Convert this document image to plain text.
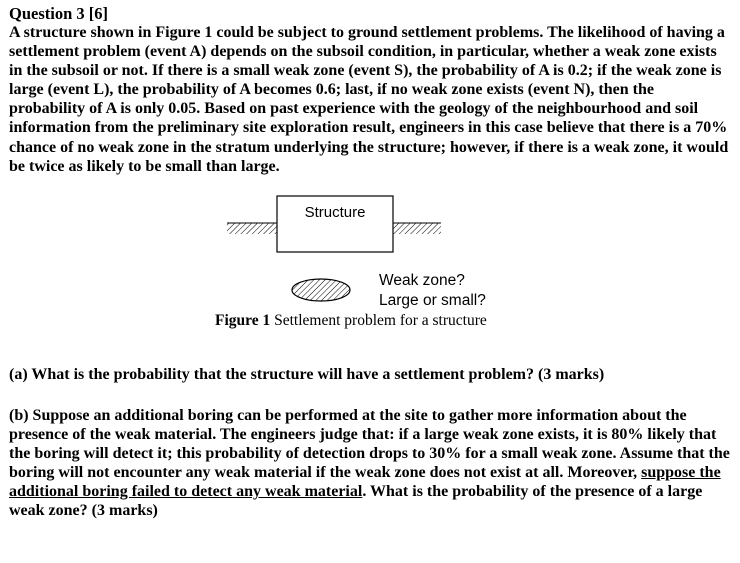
Question 3 [6]

A structure shown in Figure 1 could be subject to ground settlement problems. The likelihood of having a settlement problem (event A) depends on the subsoil condition, in particular, whether a weak zone exists in the subsoil or not. If there is a small weak zone (event S), the probability of A is 0.2; if the weak zone is large (event L), the probability of A becomes 0.6; last, if no weak zone exists (event N), then the probability of A is only 0.05. Based on past experience with the geology of the neighbourhood and soil information from the preliminary site exploration result, engineers in this case believe that there is a 70% chance of no weak zone in the stratum underlying the structure; however, if there is a weak zone, it would be twice as likely to be small than large.

Structure
Weak zone?
Large or small?
Figure 1 Settlement problem for a structure

(a) What is the probability that the structure will have a settlement problem? (3 marks)

(b) Suppose an additional boring can be performed at the site to gather more information about the presence of the weak material. The engineers judge that: if a large weak zone exists, it is 80% likely that the boring will detect it; this probability of detection drops to 30% for a small weak zone. Assume that the boring will not encounter any weak material if the weak zone does not exist at all. Moreover, suppose the additional boring failed to detect any weak material. What is the probability of the presence of a large weak zone? (3 marks)
